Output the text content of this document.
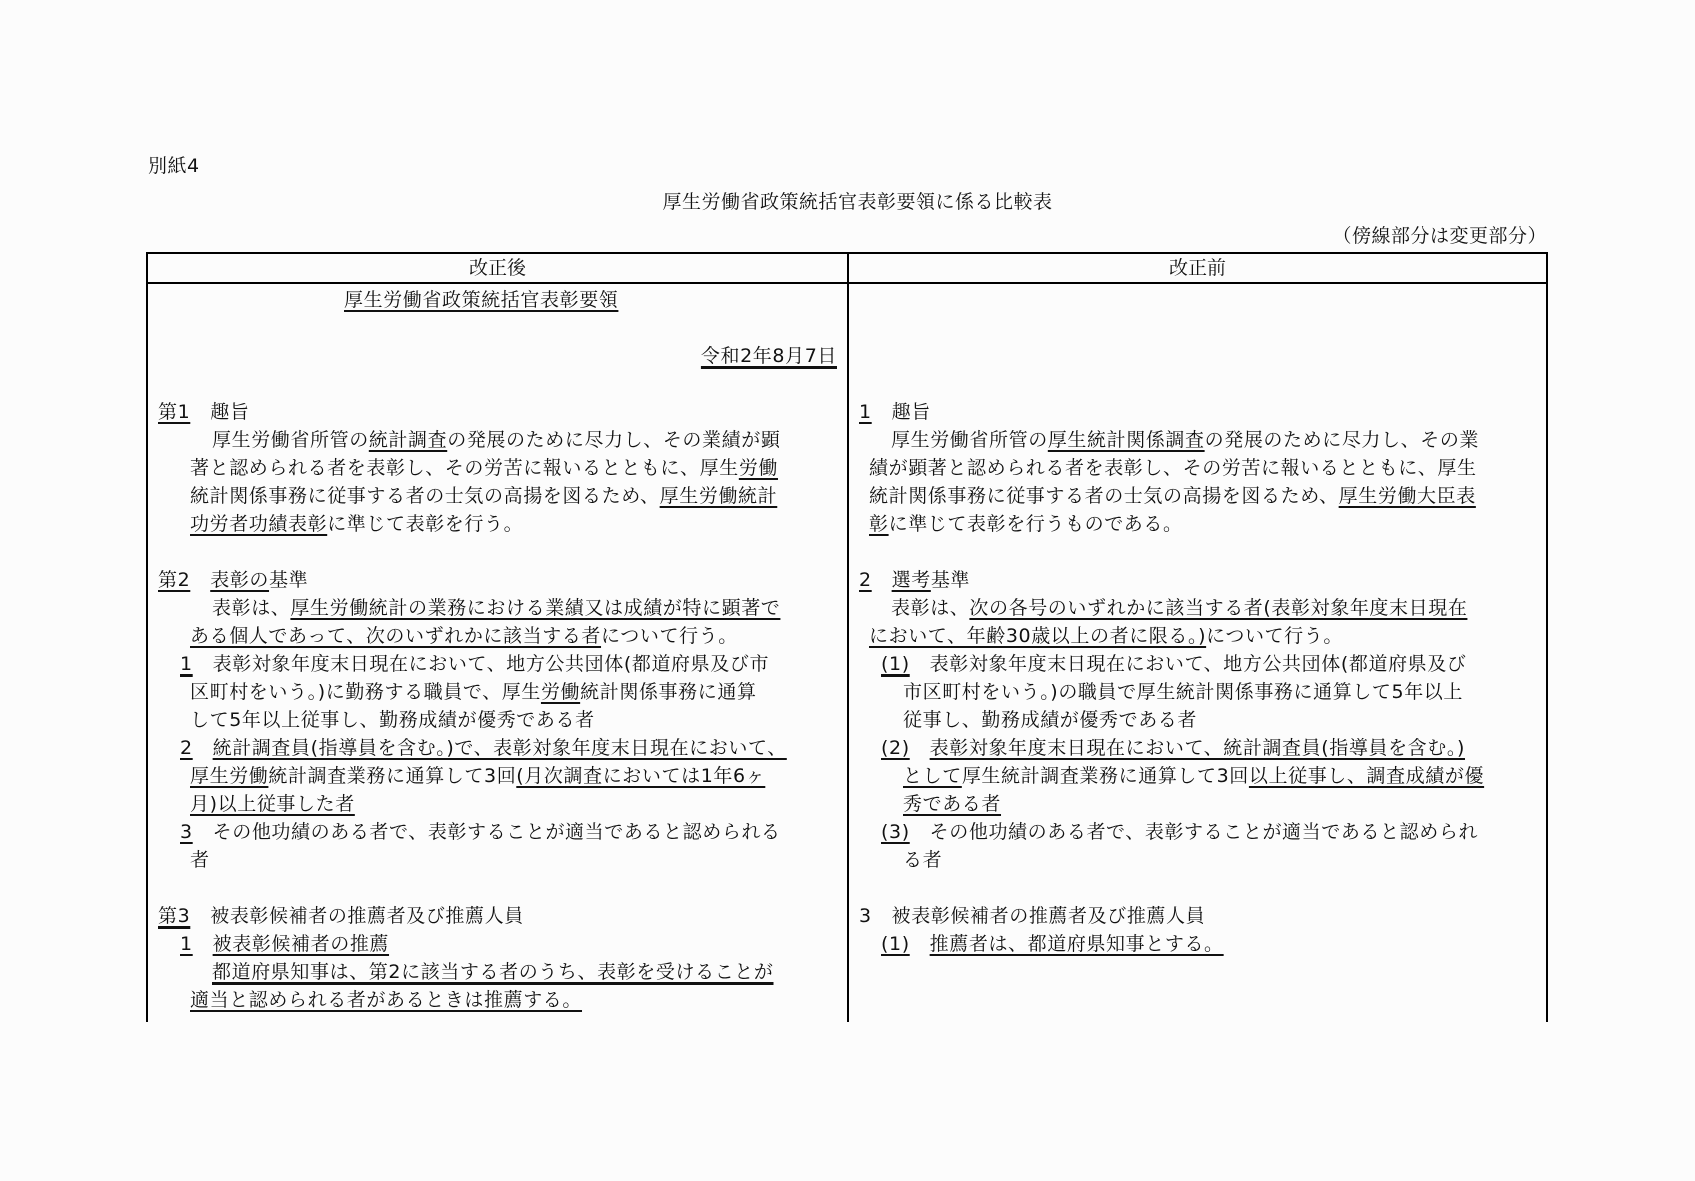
別紙4
厚生労働省政策統括官表彰要領に係る比較表
（傍線部分は変更部分）
改正後	改正前
厚生労働省政策統括官表彰要領
令和2年8月7日
第1 趣旨
厚生労働省所管の統計調査の発展のために尽力し、その業績が顕
著と認められる者を表彰し、その労苦に報いるとともに、厚生労働
統計関係事務に従事する者の士気の高揚を図るため、厚生労働統計
功労者功績表彰に準じて表彰を行う。
第2 表彰の基準
表彰は、厚生労働統計の業務における業績又は成績が特に顕著で
ある個人であって、次のいずれかに該当する者について行う。
1 表彰対象年度末日現在において、地方公共団体(都道府県及び市
区町村をいう。)に勤務する職員で、厚生労働統計関係事務に通算
して5年以上従事し、勤務成績が優秀である者
2 統計調査員(指導員を含む。)で、表彰対象年度末日現在において、
厚生労働統計調査業務に通算して3回(月次調査においては1年6ヶ
月)以上従事した者
3 その他功績のある者で、表彰することが適当であると認められる
者
第3 被表彰候補者の推薦者及び推薦人員
1 被表彰候補者の推薦
都道府県知事は、第2に該当する者のうち、表彰を受けることが
適当と認められる者があるときは推薦する。
1 趣旨
厚生労働省所管の厚生統計関係調査の発展のために尽力し、その業
績が顕著と認められる者を表彰し、その労苦に報いるとともに、厚生
統計関係事務に従事する者の士気の高揚を図るため、厚生労働大臣表
彰に準じて表彰を行うものである。
2 選考基準
表彰は、次の各号のいずれかに該当する者(表彰対象年度末日現在
において、年齢30歳以上の者に限る。)について行う。
(1) 表彰対象年度末日現在において、地方公共団体(都道府県及び
市区町村をいう。)の職員で厚生統計関係事務に通算して5年以上
従事し、勤務成績が優秀である者
(2) 表彰対象年度末日現在において、統計調査員(指導員を含む。)
として厚生統計調査業務に通算して3回以上従事し、調査成績が優
秀である者
(3) その他功績のある者で、表彰することが適当であると認められ
る者
3 被表彰候補者の推薦者及び推薦人員
(1) 推薦者は、都道府県知事とする。
